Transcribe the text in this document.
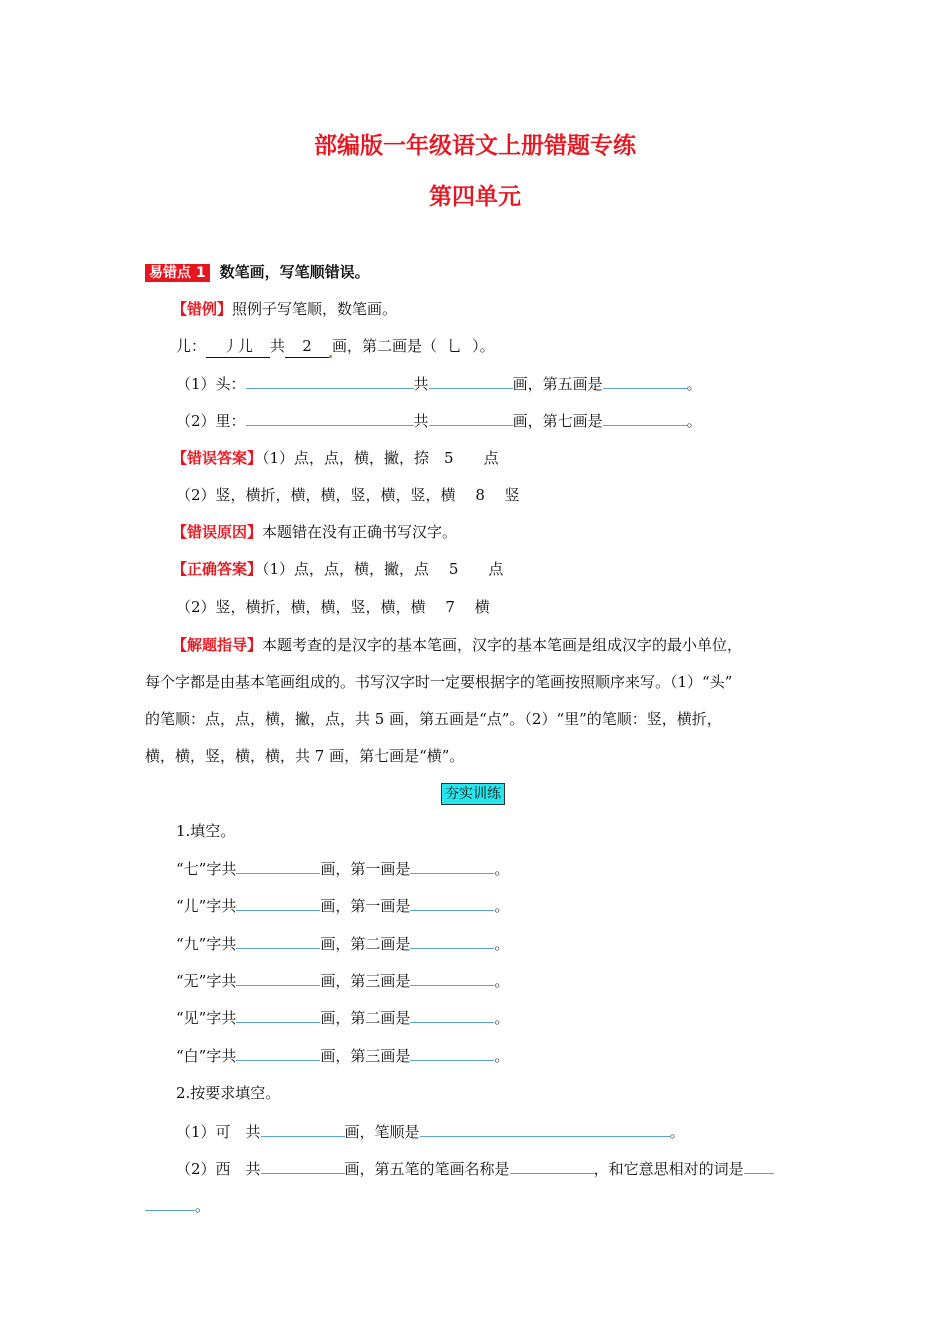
部编版一年级语文上册错题专练
第四单元
易错点 1 数笔画，写笔顺错误。
【错例】照例子写笔顺，数笔画。
儿： 丿儿 共 2 画，第二画是（ 乚 ）。
（1）头：	共	画，第五画是	。
（2）里：	共	画，第七画是	。
【错误答案】（1）点，点，横，撇，捺　5　　点
（2）竖，横折，横，横，竖，横，竖，横　 8　 竖
【错误原因】本题错在没有正确书写汉字。
【正确答案】（1）点，点，横，撇，点　 5　　点
（2）竖，横折，横，横，竖，横，横　 7　 横
【解题指导】本题考查的是汉字的基本笔画，汉字的基本笔画是组成汉字的最小单位，
每个字都是由基本笔画组成的。书写汉字时一定要根据字的笔画按照顺序来写。（1）“头”
的笔顺：点，点，横，撇，点，共 5 画，第五画是“点”。（2）“里”的笔顺：竖，横折，
横，横，竖，横，横，共 7 画，第七画是“横”。
夯实训练
1.填空。
“七”字共	画，第一画是	。
“儿”字共	画，第一画是	。
“九”字共	画，第二画是	。
“无”字共	画，第三画是	。
“见”字共	画，第二画是	。
“白”字共	画，第三画是	。
2.按要求填空。
（1）可　共	画，笔顺是	。
（2）西　共	画，第五笔的笔画名称是	，和它意思相对的词是
。
